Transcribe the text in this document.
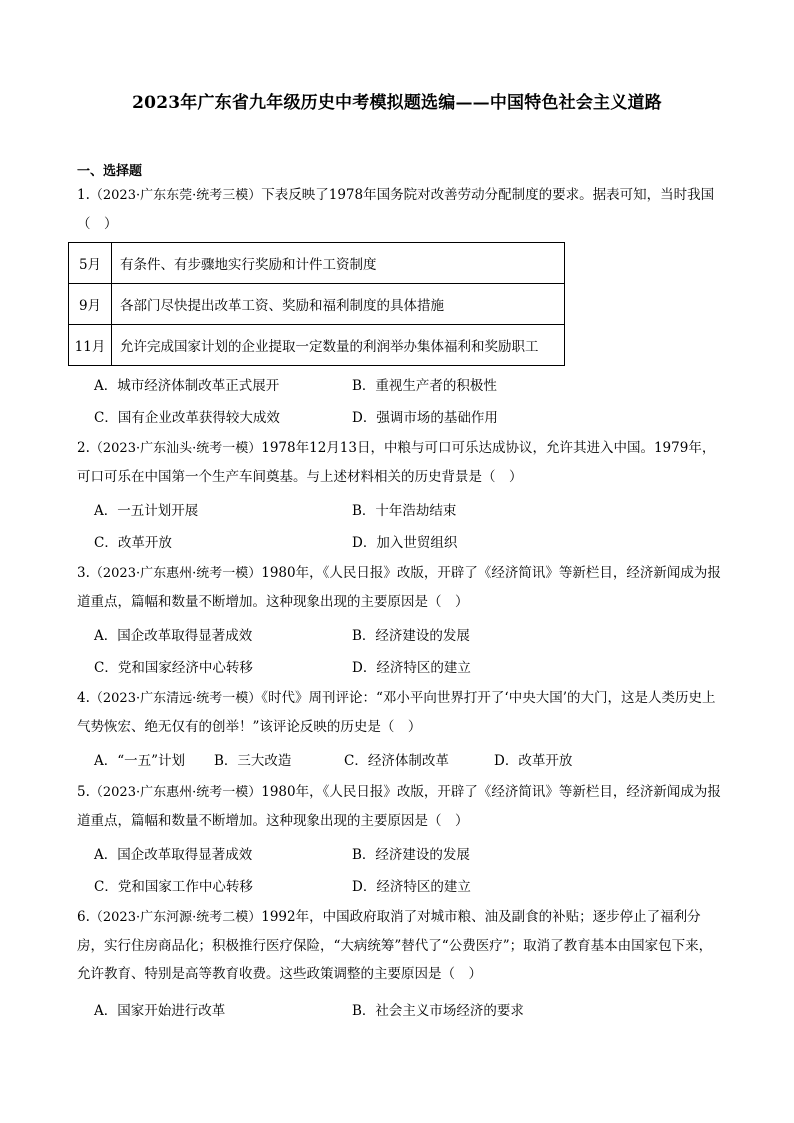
2023年广东省九年级历史中考模拟题选编——中国特色社会主义道路
一、选择题
1.（2023·广东东莞·统考三模）下表反映了1978年国务院对改善劳动分配制度的要求。据表可知，当时我国（　）
5月	有条件、有步骤地实行奖励和计件工资制度
9月	各部门尽快提出改革工资、奖励和福利制度的具体措施
11月	允许完成国家计划的企业提取一定数量的利润举办集体福利和奖励职工
A．城市经济体制改革正式展开	B．重视生产者的积极性
C．国有企业改革获得较大成效	D．强调市场的基础作用
2.（2023·广东汕头·统考一模）1978年12月13日，中粮与可口可乐达成协议，允许其进入中国。1979年，可口可乐在中国第一个生产车间奠基。与上述材料相关的历史背景是（　）
A．一五计划开展	B．十年浩劫结束
C．改革开放	D．加入世贸组织
3.（2023·广东惠州·统考一模）1980年，《人民日报》改版，开辟了《经济简讯》等新栏目，经济新闻成为报道重点，篇幅和数量不断增加。这种现象出现的主要原因是（　）
A．国企改革取得显著成效	B．经济建设的发展
C．党和国家经济中心转移	D．经济特区的建立
4.（2023·广东清远·统考一模）《时代》周刊评论：“邓小平向世界打开了‘中央大国’的大门，这是人类历史上气势恢宏、绝无仅有的创举！”该评论反映的历史是（　）
A．“一五”计划 B．三大改造	C．经济体制改革	D．改革开放
5.（2023·广东惠州·统考一模）1980年，《人民日报》改版，开辟了《经济简讯》等新栏目，经济新闻成为报道重点，篇幅和数量不断增加。这种现象出现的主要原因是（　）
A．国企改革取得显著成效	B．经济建设的发展
C．党和国家工作中心转移	D．经济特区的建立
6.（2023·广东河源·统考二模）1992年，中国政府取消了对城市粮、油及副食的补贴；逐步停止了福利分房，实行住房商品化；积极推行医疗保险，“大病统筹”替代了“公费医疗”；取消了教育基本由国家包下来，允许教育、特别是高等教育收费。这些政策调整的主要原因是（　）
A．国家开始进行改革	B．社会主义市场经济的要求
